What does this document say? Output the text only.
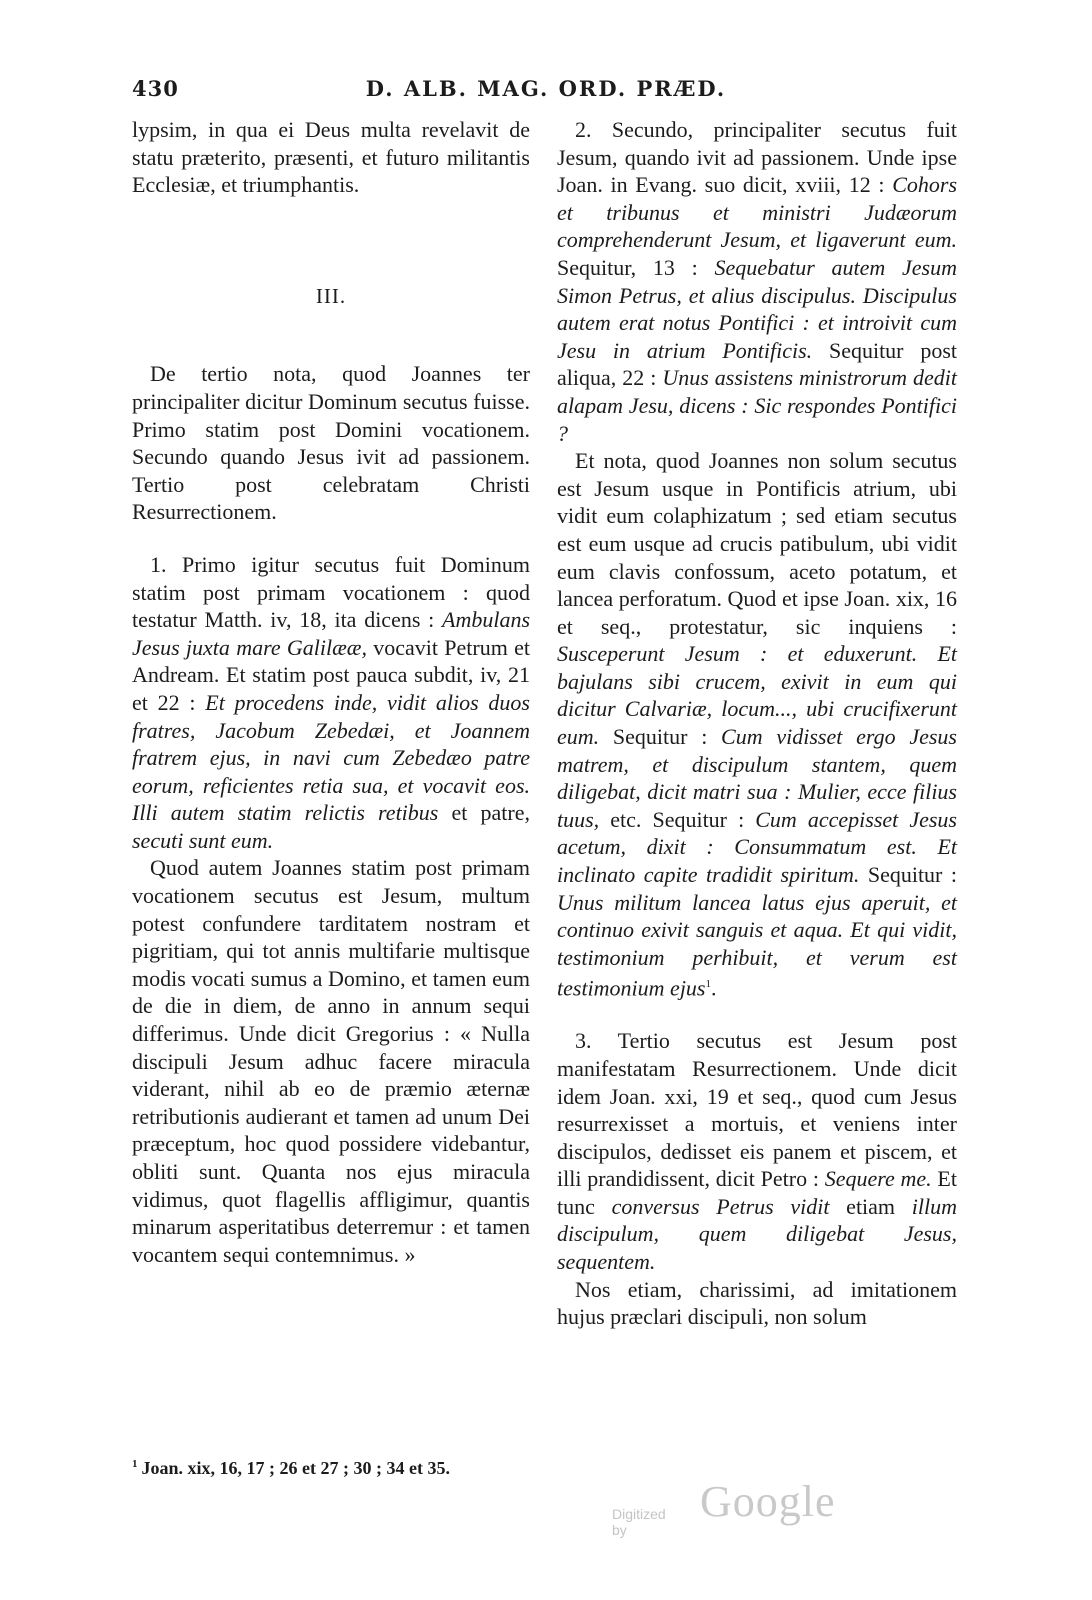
430	D. ALB. MAG. ORD. PRÆD.

lypsim, in qua ei Deus multa revelavit de statu præterito, præsenti, et futuro militantis Ecclesiæ, et triumphantis.

III.

De tertio nota, quod Joannes ter principaliter dicitur Dominum secutus fuisse. Primo statim post Domini vocationem. Secundo quando Jesus ivit ad passionem. Tertio post celebratam Christi Resurrectionem.

1. Primo igitur secutus fuit Dominum statim post primam vocationem : quod testatur Matth. iv, 18, ita dicens : Ambulans Jesus juxta mare Galilææ, vocavit Petrum et Andream. Et statim post pauca subdit, iv, 21 et 22 : Et procedens inde, vidit alios duos fratres, Jacobum Zebedæi, et Joannem fratrem ejus, in navi cum Zebedæo patre eorum, reficientes retia sua, et vocavit eos. Illi autem statim relictis retibus et patre, secuti sunt eum.

Quod autem Joannes statim post primam vocationem secutus est Jesum, multum potest confundere tarditatem nostram et pigritiam, qui tot annis multifarie multisque modis vocati sumus a Domino, et tamen eum de die in diem, de anno in annum sequi differimus. Unde dicit Gregorius : « Nulla discipuli Jesum adhuc facere miracula viderant, nihil ab eo de præmio æternæ retributionis audierant et tamen ad unum Dei præceptum, hoc quod possidere videbantur, obliti sunt. Quanta nos ejus miracula vidimus, quot flagellis affligimur, quantis minarum asperitatibus deterremur : et tamen vocantem sequi contemnimus. »

2. Secundo, principaliter secutus fuit Jesum, quando ivit ad passionem. Unde ipse Joan. in Evang. suo dicit, xviii, 12 : Cohors et tribunus et ministri Judæorum comprehenderunt Jesum, et ligaverunt eum. Sequitur, 13 : Sequebatur autem Jesum Simon Petrus, et alius discipulus. Discipulus autem erat notus Pontifici : et introivit cum Jesu in atrium Pontificis. Sequitur post aliqua, 22 : Unus assistens ministrorum dedit alapam Jesu, dicens : Sic respondes Pontifici ?

Et nota, quod Joannes non solum secutus est Jesum usque in Pontificis atrium, ubi vidit eum colaphizatum ; sed etiam secutus est eum usque ad crucis patibulum, ubi vidit eum clavis confossum, aceto potatum, et lancea perforatum. Quod et ipse Joan. xix, 16 et seq., protestatur, sic inquiens : Susceperunt Jesum : et eduxerunt. Et bajulans sibi crucem, exivit in eum qui dicitur Calvariæ, locum..., ubi crucifixerunt eum. Sequitur : Cum vidisset ergo Jesus matrem, et discipulum stantem, quem diligebat, dicit matri sua : Mulier, ecce filius tuus, etc. Sequitur : Cum accepisset Jesus acetum, dixit : Consummatum est. Et inclinato capite tradidit spiritum. Sequitur : Unus militum lancea latus ejus aperuit, et continuo exivit sanguis et aqua. Et qui vidit, testimonium perhibuit, et verum est testimonium ejus$^1$.

3. Tertio secutus est Jesum post manifestatam Resurrectionem. Unde dicit idem Joan. xxi, 19 et seq., quod cum Jesus resurrexisset a mortuis, et veniens inter discipulos, dedisset eis panem et piscem, et illi prandidissent, dicit Petro : Sequere me. Et tunc conversus Petrus vidit etiam illum discipulum, quem diligebat Jesus, sequentem.

Nos etiam, charissimi, ad imitationem hujus præclari discipuli, non solum

$^1$ Joan. xix, 16, 17 ; 26 et 27 ; 30 ; 34 et 35.
Digitized by
Google
